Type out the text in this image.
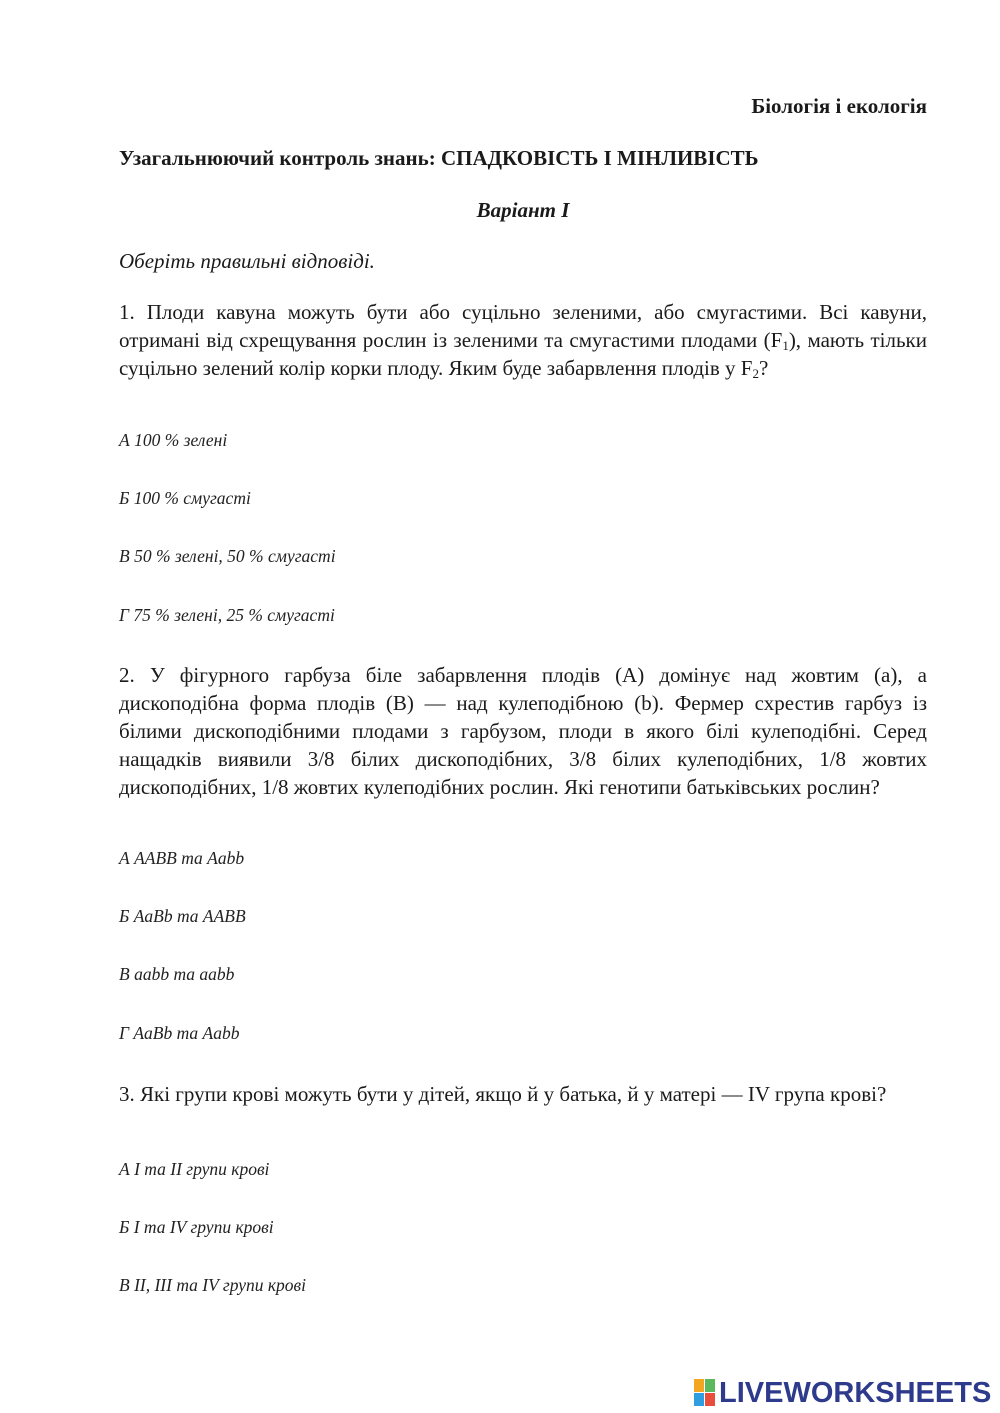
Біологія і екологія

Узагальнюючий контроль знань: СПАДКОВІСТЬ І МІНЛИВІСТЬ

Варіант І

Оберіть правильні відповіді.

1. Плоди кавуна можуть бути або суцільно зеленими, або смугастими. Всі кавуни, отримані від схрещування рослин із зеленими та смугастими плодами $(F_1)$, мають тільки суцільно зелений колір корки плоду. Яким буде забарвлення плодів у $F_2$?

А 100 % зелені

Б 100 % смугасті

В 50 % зелені, 50 % смугасті

Г 75 % зелені, 25 % смугасті

2. У фігурного гарбуза біле забарвлення плодів (A) домінує над жовтим (a), а дископодібна форма плодів (B) — над кулеподібною (b). Фермер схрестив гарбуз із білими дископодібними плодами з гарбузом, плоди в якого білі кулеподібні. Серед нащадків виявили 3/8 білих дископодібних, 3/8 білих кулеподібних, 1/8 жовтих дископодібних, 1/8 жовтих кулеподібних рослин. Які генотипи батьківських рослин?

А AABB та Aabb

Б AaBb та AABB

В aabb та aabb

Г AaBb та Aabb

3. Які групи крові можуть бути у дітей, якщо й у батька, й у матері — IV група крові?

А I та II групи крові

Б I та IV групи крові

В II, III та IV групи крові

LIVEWORKSHEETS
